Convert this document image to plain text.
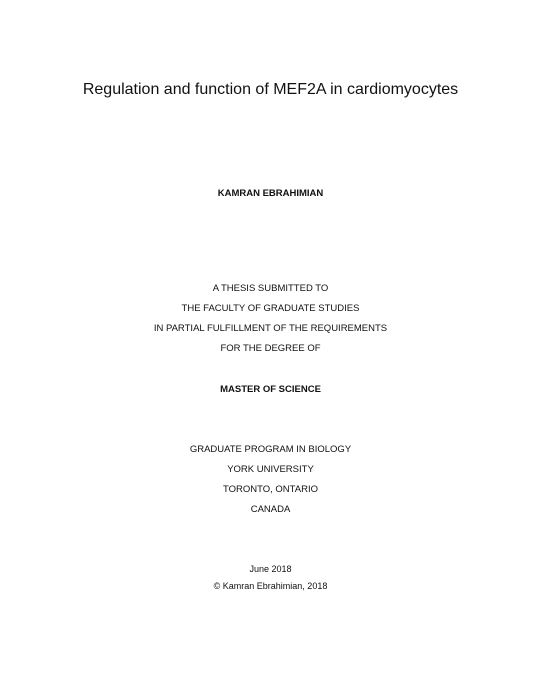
Regulation and function of MEF2A in cardiomyocytes
KAMRAN EBRAHIMIAN
A THESIS SUBMITTED TO
THE FACULTY OF GRADUATE STUDIES
IN PARTIAL FULFILLMENT OF THE REQUIREMENTS
FOR THE DEGREE OF
MASTER OF SCIENCE
GRADUATE PROGRAM IN BIOLOGY
YORK UNIVERSITY
TORONTO, ONTARIO
CANADA
June 2018
© Kamran Ebrahimian, 2018
